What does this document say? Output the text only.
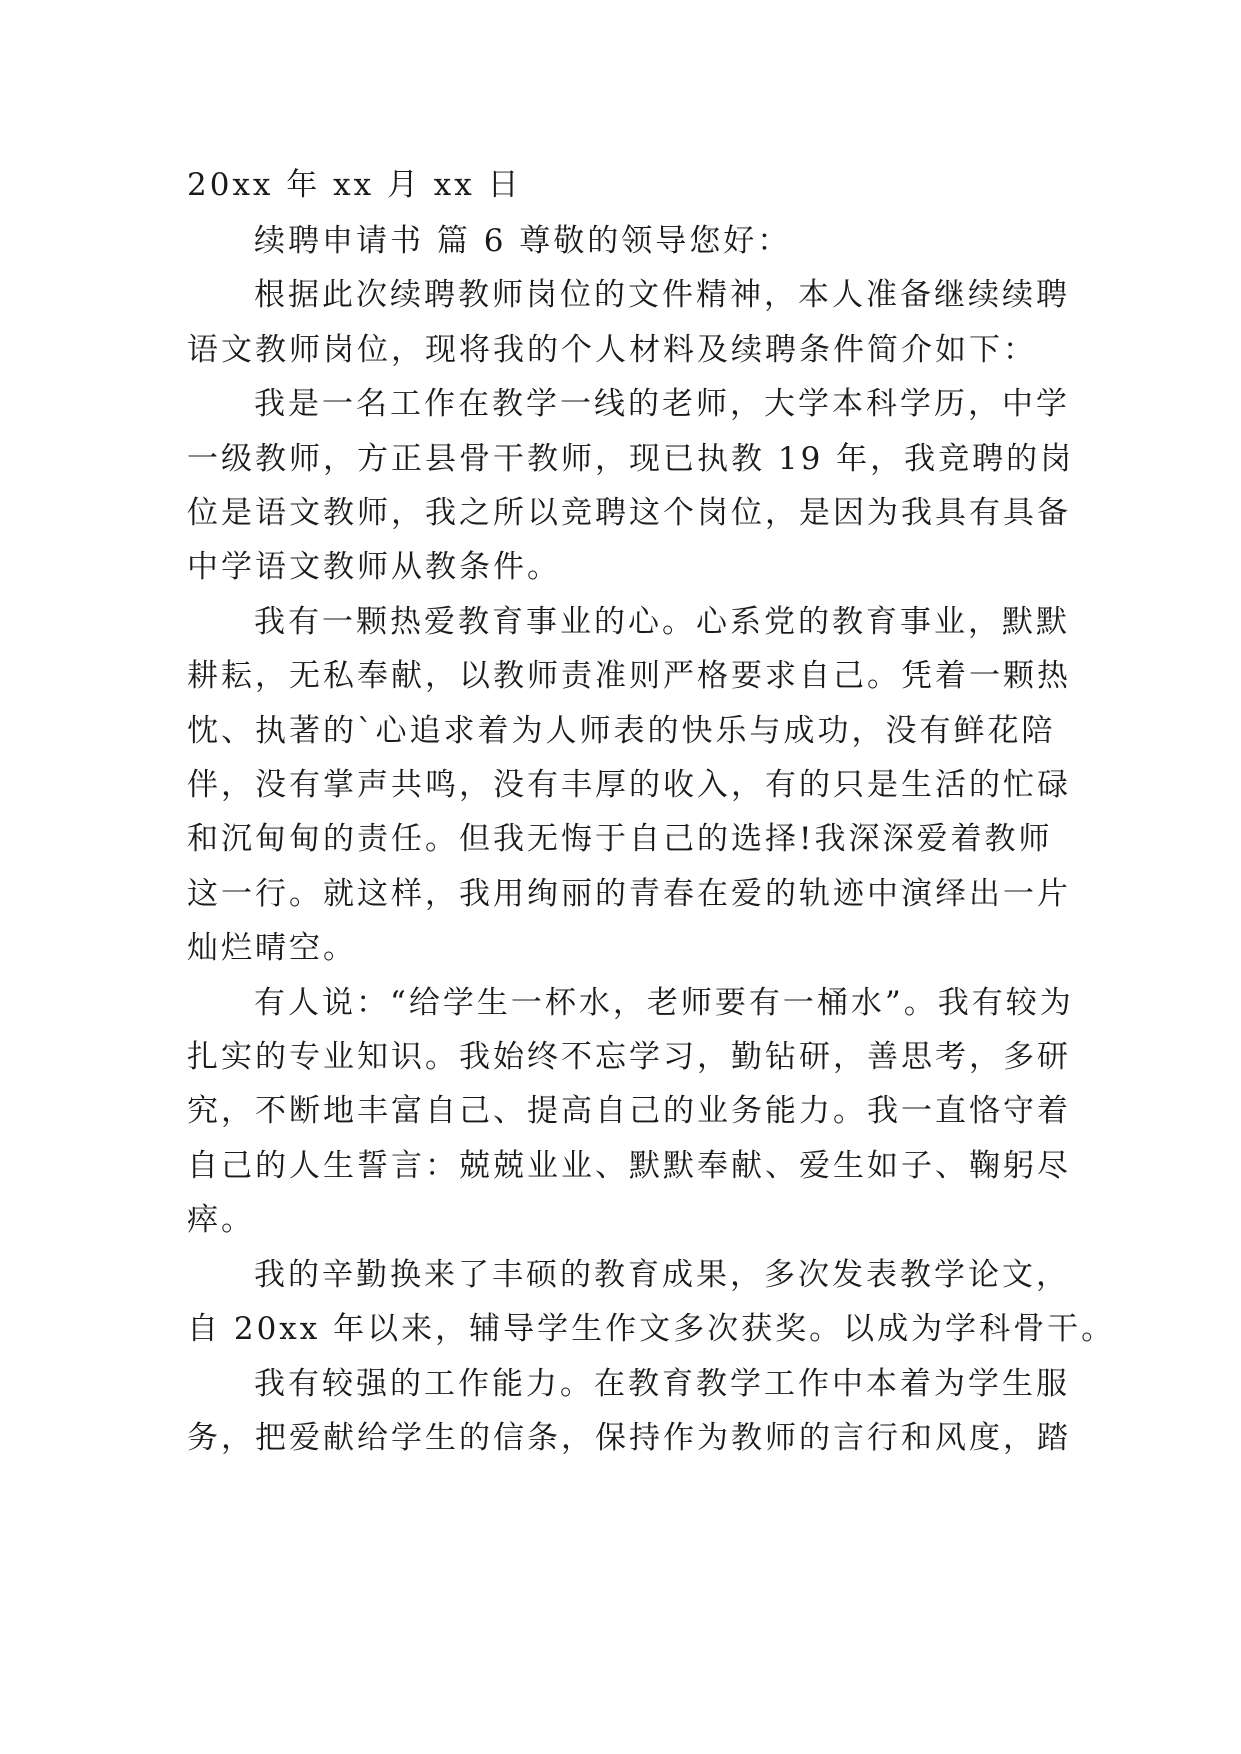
20xx 年 xx 月 xx 日
续聘申请书 篇 6 尊敬的领导您好：
根据此次续聘教师岗位的文件精神，本人准备继续续聘
语文教师岗位，现将我的个人材料及续聘条件简介如下：
我是一名工作在教学一线的老师，大学本科学历，中学
一级教师，方正县骨干教师，现已执教 19 年，我竞聘的岗
位是语文教师，我之所以竞聘这个岗位，是因为我具有具备
中学语文教师从教条件。
我有一颗热爱教育事业的心。心系党的教育事业，默默
耕耘，无私奉献，以教师责准则严格要求自己。凭着一颗热
忱、执著的`心追求着为人师表的快乐与成功，没有鲜花陪
伴，没有掌声共鸣，没有丰厚的收入，有的只是生活的忙碌
和沉甸甸的责任。但我无悔于自己的选择!我深深爱着教师
这一行。就这样，我用绚丽的青春在爱的轨迹中演绎出一片
灿烂晴空。
有人说：“给学生一杯水，老师要有一桶水”。我有较为
扎实的专业知识。我始终不忘学习，勤钻研，善思考，多研
究，不断地丰富自己、提高自己的业务能力。我一直恪守着
自己的人生誓言：兢兢业业、默默奉献、爱生如子、鞠躬尽
瘁。
我的辛勤换来了丰硕的教育成果，多次发表教学论文，
自 20xx 年以来，辅导学生作文多次获奖。以成为学科骨干。
我有较强的工作能力。在教育教学工作中本着为学生服
务，把爱献给学生的信条，保持作为教师的言行和风度，踏
